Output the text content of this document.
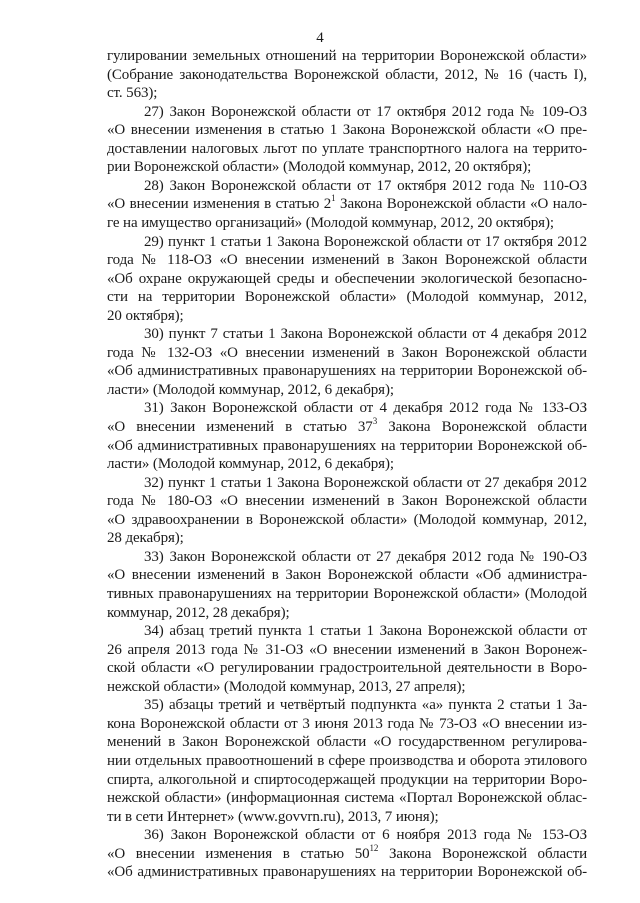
4
гулировании земельных отношений на территории Воронежской области»
(Собрание законодательства Воронежской области, 2012, № 16 (часть I),
ст. 563);
27) Закон Воронежской области от 17 октября 2012 года № 109-ОЗ
«О внесении изменения в статью 1 Закона Воронежской области «О пре-
доставлении налоговых льгот по уплате транспортного налога на террито-
рии Воронежской области» (Молодой коммунар, 2012, 20 октября);
28) Закон Воронежской области от 17 октября 2012 года № 110-ОЗ
«О внесении изменения в статью $2^1$ Закона Воронежской области «О нало-
ге на имущество организаций» (Молодой коммунар, 2012, 20 октября);
29) пункт 1 статьи 1 Закона Воронежской области от 17 октября 2012
года № 118-ОЗ «О внесении изменений в Закон Воронежской области
«Об охране окружающей среды и обеспечении экологической безопасно-
сти на территории Воронежской области» (Молодой коммунар, 2012,
20 октября);
30) пункт 7 статьи 1 Закона Воронежской области от 4 декабря 2012
года № 132-ОЗ «О внесении изменений в Закон Воронежской области
«Об административных правонарушениях на территории Воронежской об-
ласти» (Молодой коммунар, 2012, 6 декабря);
31) Закон Воронежской области от 4 декабря 2012 года № 133-ОЗ
«О внесении изменений в статью $37^3$ Закона Воронежской области
«Об административных правонарушениях на территории Воронежской об-
ласти» (Молодой коммунар, 2012, 6 декабря);
32) пункт 1 статьи 1 Закона Воронежской области от 27 декабря 2012
года № 180-ОЗ «О внесении изменений в Закон Воронежской области
«О здравоохранении в Воронежской области» (Молодой коммунар, 2012,
28 декабря);
33) Закон Воронежской области от 27 декабря 2012 года № 190-ОЗ
«О внесении изменений в Закон Воронежской области «Об администра-
тивных правонарушениях на территории Воронежской области» (Молодой
коммунар, 2012, 28 декабря);
34) абзац третий пункта 1 статьи 1 Закона Воронежской области от
26 апреля 2013 года № 31-ОЗ «О внесении изменений в Закон Воронеж-
ской области «О регулировании градостроительной деятельности в Воро-
нежской области» (Молодой коммунар, 2013, 27 апреля);
35) абзацы третий и четвёртый подпункта «а» пункта 2 статьи 1 За-
кона Воронежской области от 3 июня 2013 года № 73-ОЗ «О внесении из-
менений в Закон Воронежской области «О государственном регулирова-
нии отдельных правоотношений в сфере производства и оборота этилового
спирта, алкогольной и спиртосодержащей продукции на территории Воро-
нежской области» (информационная система «Портал Воронежской облас-
ти в сети Интернет» (www.govvrn.ru), 2013, 7 июня);
36) Закон Воронежской области от 6 ноября 2013 года № 153-ОЗ
«О внесении изменения в статью $50^{12}$ Закона Воронежской области
«Об административных правонарушениях на территории Воронежской об-
